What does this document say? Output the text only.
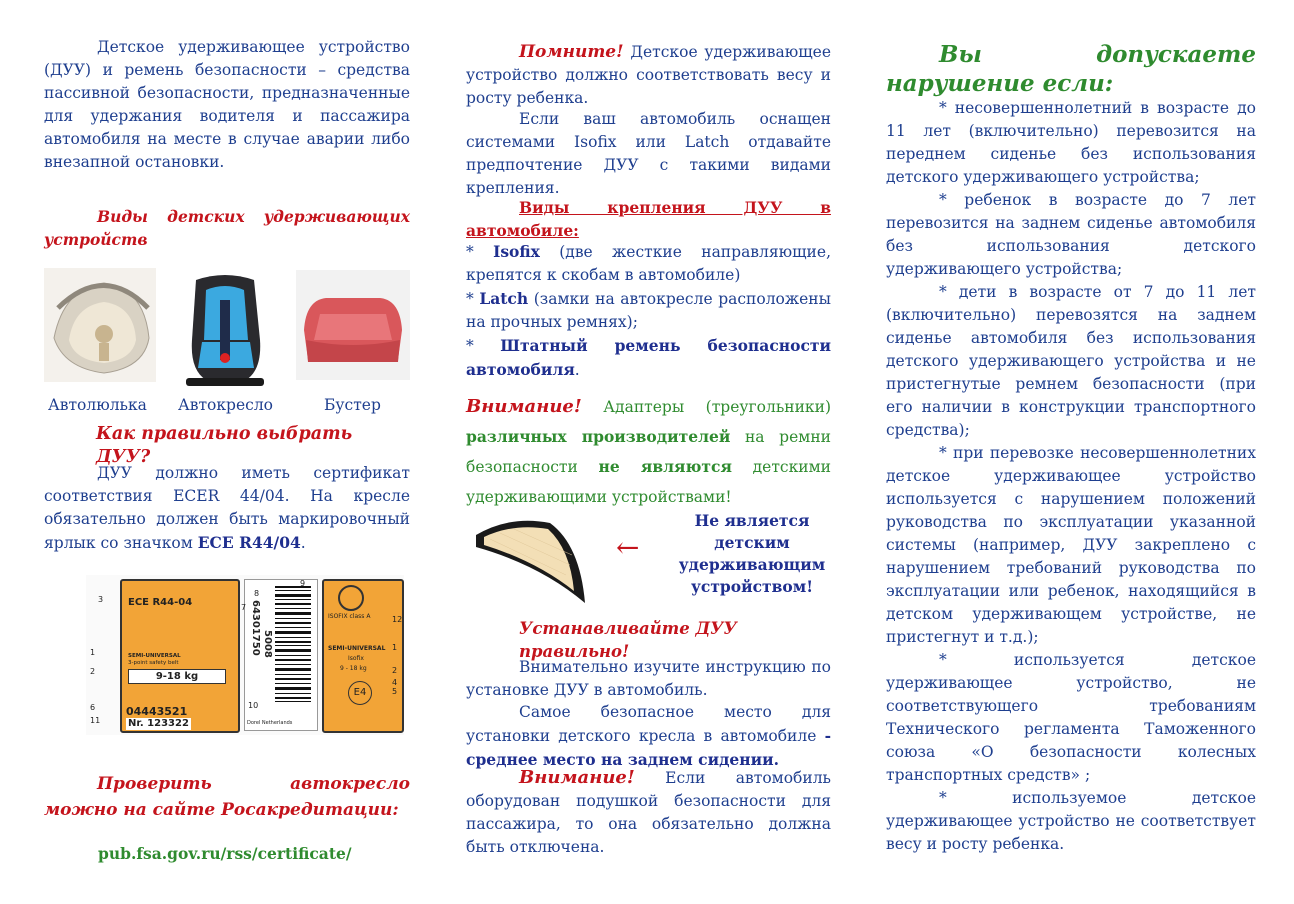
Детское удерживающее устройство (ДУУ) и ремень безопасности – средства пассивной безопасности, предназначенные для удержания водителя и пассажира автомобиля на месте в случае аварии либо внезапной остановки.

Виды детских удерживающих
устройств
Автолюлька Автокресло	Бустер
Как правильно выбрать ДУУ?

ДУУ должно иметь сертификат соответствия ECER 44/04. На кресле обязательно должен быть маркировочный ярлык со значком ECE R44/04.

ECE R44-04
SEMI-UNIVERSAL
3-point safety belt
9-18 kg
04443521
Nr. 123322
64301750 5008
Dorel Netherlands
ISOFIX class A
SEMI-UNIVERSAL
Isofix
9 - 18 kg
E4
3
1
2
6
11
7
8
9
10
12
1
2
4
5

Проверить автокресло можно на сайте Росакредитации:

pub.fsa.gov.ru/rss/certificate/

Помните! Детское удерживающее устройство должно соответствовать весу и росту ребенка.

Если ваш автомобиль оснащен системами Isofix или Latch отдавайте предпочтение ДУУ с такими видами крепления.

Виды крепления ДУУ в автомобиле:

* Isofix (две жесткие направляющие, крепятся к скобам в автомобиле)
* Latch (замки на автокресле расположены на прочных ремнях);
* Штатный ремень безопасности автомобиля.

Внимание! Адаптеры (треугольники) различных производителей на ремни безопасности не являются детскими удерживающими устройствами!

←
Не является детским удерживающим устройством!
Устанавливайте ДУУ правильно!

Внимательно изучите инструкцию по установке ДУУ в автомобиль.

Самое безопасное место для установки детского кресла в автомобиле - среднее место на заднем сидении.

Внимание! Если автомобиль оборудован подушкой безопасности для пассажира, то она обязательно должна быть отключена.

Вы допускаете нарушение если:

* несовершеннолетний в возрасте до 11 лет (включительно) перевозится на переднем сиденье без использования детского удерживающего устройства;

* ребенок в возрасте до 7 лет перевозится на заднем сиденье автомобиля без использования детского удерживающего устройства;

* дети в возрасте от 7 до 11 лет (включительно) перевозятся на заднем сиденье автомобиля без использования детского удерживающего устройства и не пристегнутые ремнем безопасности (при его наличии в конструкции транспортного средства);

* при перевозке несовершеннолетних детское удерживающее устройство используется с нарушением положений руководства по эксплуатации указанной системы (например, ДУУ закреплено с нарушением требований руководства по эксплуатации или ребенок, находящийся в детском удерживающем устройстве, не пристегнут и т.д.);

* используется детское удерживающее устройство, не соответствующего требованиям Технического регламента Таможенного союза «О безопасности колесных транспортных средств» ;

* используемое детское удерживающее устройство не соответствует весу и росту ребенка.
